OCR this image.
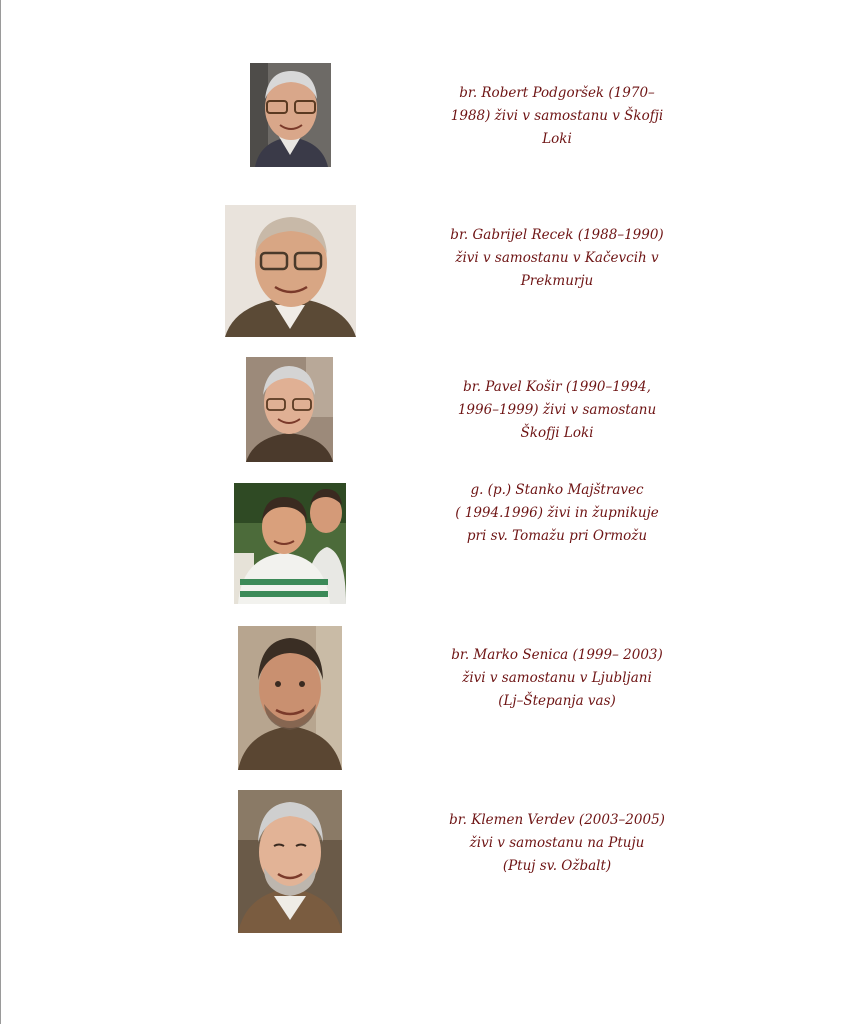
br. Robert Podgoršek (1970–
1988) živi v samostanu v Škofji
Loki
br. Gabrijel Recek (1988–1990)
živi v samostanu v Kačevcih v
Prekmurju
br. Pavel Košir (1990–1994,
1996–1999) živi v samostanu
Škofji Loki
g. (p.) Stanko Majštravec
( 1994.1996) živi in župnikuje
pri sv. Tomažu pri Ormožu
br. Marko Senica (1999– 2003)
živi v samostanu v Ljubljani
(Lj–Štepanja vas)
br. Klemen Verdev (2003–2005)
živi v samostanu na Ptuju
(Ptuj sv. Ožbalt)
